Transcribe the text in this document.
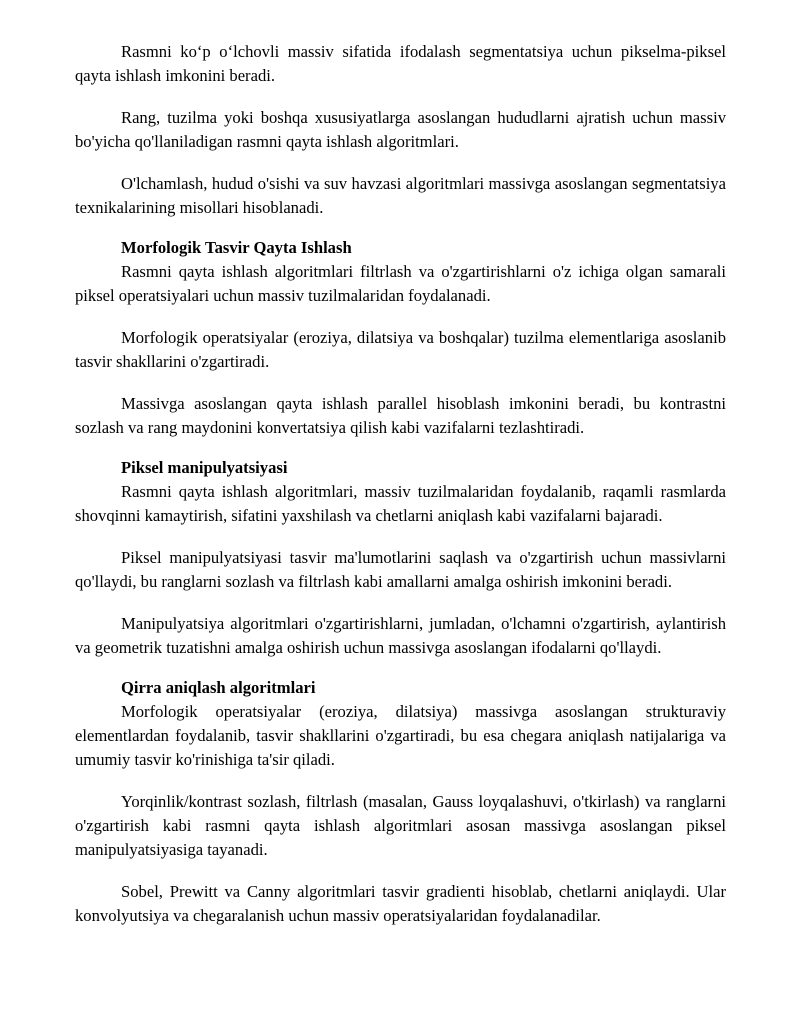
Rasmni koʻp oʻlchovli massiv sifatida ifodalash segmentatsiya uchun pikselma-piksel qayta ishlash imkonini beradi.

Rang, tuzilma yoki boshqa xususiyatlarga asoslangan hududlarni ajratish uchun massiv bo'yicha qo'llaniladigan rasmni qayta ishlash algoritmlari.

O'lchamlash, hudud o'sishi va suv havzasi algoritmlari massivga asoslangan segmentatsiya texnikalarining misollari hisoblanadi.

Morfologik Tasvir Qayta Ishlash

Rasmni qayta ishlash algoritmlari filtrlash va o'zgartirishlarni o'z ichiga olgan samarali piksel operatsiyalari uchun massiv tuzilmalaridan foydalanadi.

Morfologik operatsiyalar (eroziya, dilatsiya va boshqalar) tuzilma elementlariga asoslanib tasvir shakllarini o'zgartiradi.

Massivga asoslangan qayta ishlash parallel hisoblash imkonini beradi, bu kontrastni sozlash va rang maydonini konvertatsiya qilish kabi vazifalarni tezlashtiradi.

Piksel manipulyatsiyasi

Rasmni qayta ishlash algoritmlari, massiv tuzilmalaridan foydalanib, raqamli rasmlarda shovqinni kamaytirish, sifatini yaxshilash va chetlarni aniqlash kabi vazifalarni bajaradi.

Piksel manipulyatsiyasi tasvir ma'lumotlarini saqlash va o'zgartirish uchun massivlarni qo'llaydi, bu ranglarni sozlash va filtrlash kabi amallarni amalga oshirish imkonini beradi.

Manipulyatsiya algoritmlari o'zgartirishlarni, jumladan, o'lchamni o'zgartirish, aylantirish va geometrik tuzatishni amalga oshirish uchun massivga asoslangan ifodalarni qo'llaydi.

Qirra aniqlash algoritmlari

Morfologik operatsiyalar (eroziya, dilatsiya) massivga asoslangan strukturaviy elementlardan foydalanib, tasvir shakllarini o'zgartiradi, bu esa chegara aniqlash natijalariga va umumiy tasvir ko'rinishiga ta'sir qiladi.

Yorqinlik/kontrast sozlash, filtrlash (masalan, Gauss loyqalashuvi, o'tkirlash) va ranglarni o'zgartirish kabi rasmni qayta ishlash algoritmlari asosan massivga asoslangan piksel manipulyatsiyasiga tayanadi.

Sobel, Prewitt va Canny algoritmlari tasvir gradienti hisoblab, chetlarni aniqlaydi. Ular konvolyutsiya va chegaralanish uchun massiv operatsiyalaridan foydalanadilar.
